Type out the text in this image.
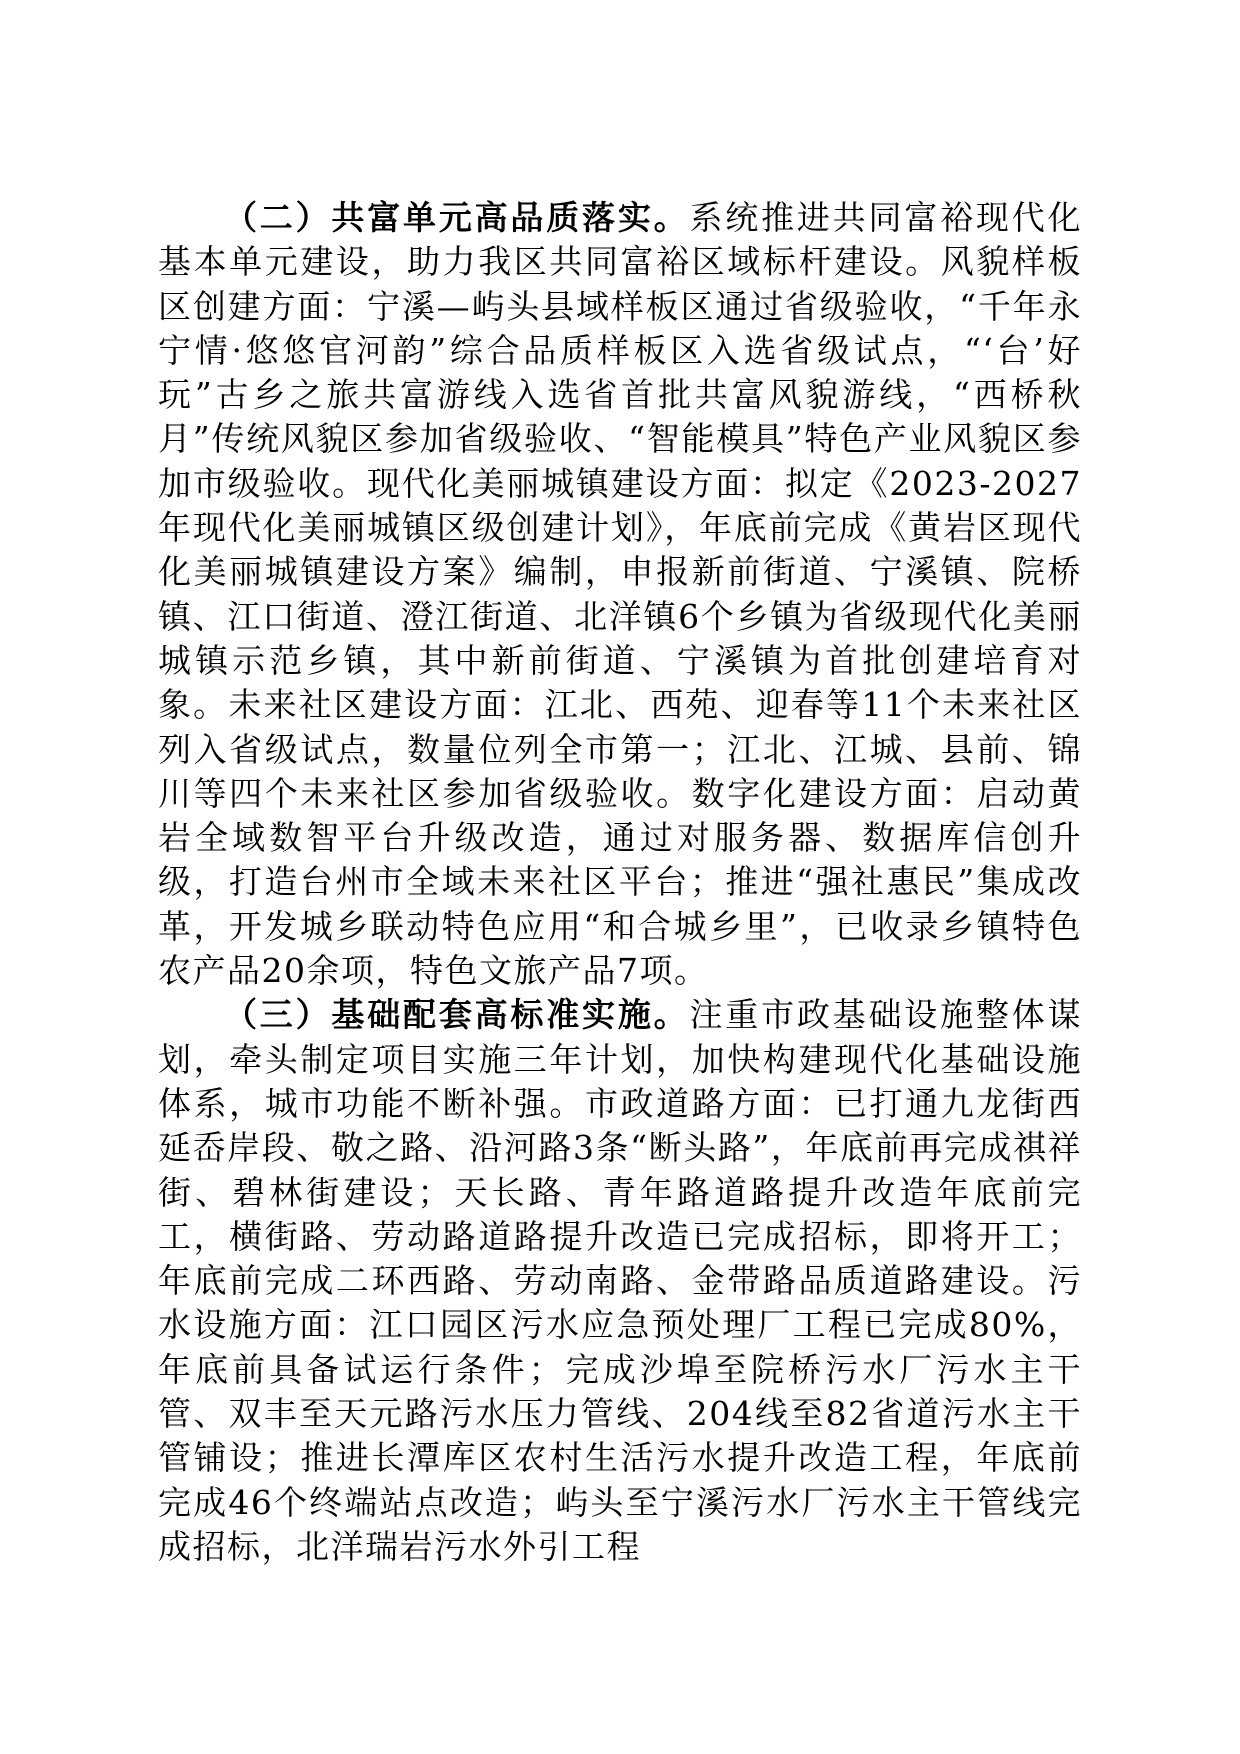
（二）共富单元高品质落实。系统推进共同富裕现代化基本单元建设，助力我区共同富裕区域标杆建设。风貌样板区创建方面：宁溪—屿头县域样板区通过省级验收，“千年永宁情·悠悠官河韵”综合品质样板区入选省级试点，“‘台’好玩”古乡之旅共富游线入选省首批共富风貌游线，“西桥秋月”传统风貌区参加省级验收、“智能模具”特色产业风貌区参加市级验收。现代化美丽城镇建设方面：拟定《2023-2027年现代化美丽城镇区级创建计划》，年底前完成《黄岩区现代化美丽城镇建设方案》编制，申报新前街道、宁溪镇、院桥镇、江口街道、澄江街道、北洋镇6个乡镇为省级现代化美丽城镇示范乡镇，其中新前街道、宁溪镇为首批创建培育对象。未来社区建设方面：江北、西苑、迎春等11个未来社区列入省级试点，数量位列全市第一；江北、江城、县前、锦川等四个未来社区参加省级验收。数字化建设方面：启动黄岩全域数智平台升级改造，通过对服务器、数据库信创升级，打造台州市全域未来社区平台；推进“强社惠民”集成改革，开发城乡联动特色应用“和合城乡里”，已收录乡镇特色农产品20余项，特色文旅产品7项。

（三）基础配套高标准实施。注重市政基础设施整体谋划，牵头制定项目实施三年计划，加快构建现代化基础设施体系，城市功能不断补强。市政道路方面：已打通九龙街西延岙岸段、敬之路、沿河路3条“断头路”，年底前再完成祺祥街、碧林街建设；天长路、青年路道路提升改造年底前完工，横街路、劳动路道路提升改造已完成招标，即将开工；年底前完成二环西路、劳动南路、金带路品质道路建设。污水设施方面：江口园区污水应急预处理厂工程已完成80%，年底前具备试运行条件；完成沙埠至院桥污水厂污水主干管、双丰至天元路污水压力管线、204线至82省道污水主干管铺设；推进长潭库区农村生活污水提升改造工程，年底前完成46个终端站点改造；屿头至宁溪污水厂污水主干管线完成招标，北洋瑞岩污水外引工程
